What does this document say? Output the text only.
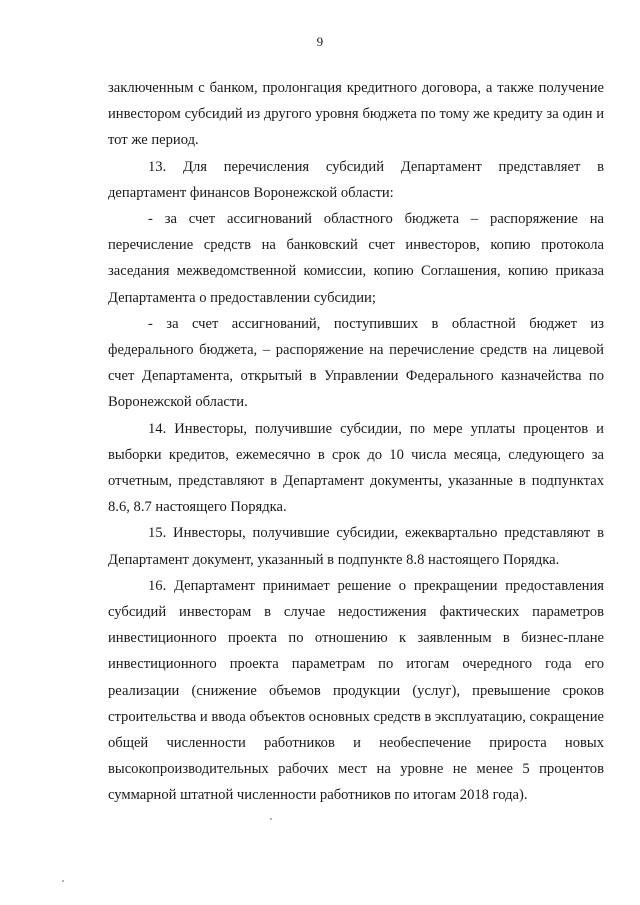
9

заключенным с банком, пролонгация кредитного договора, а также получение инвестором субсидий из другого уровня бюджета по тому же кредиту за один и тот же период.

13. Для перечисления субсидий Департамент представляет в департамент финансов Воронежской области:

- за счет ассигнований областного бюджета – распоряжение на перечисление средств на банковский счет инвесторов, копию протокола заседания межведомственной комиссии, копию Соглашения, копию приказа Департамента о предоставлении субсидии;

- за счет ассигнований, поступивших в областной бюджет из федерального бюджета, – распоряжение на перечисление средств на лицевой счет Департамента, открытый в Управлении Федерального казначейства по Воронежской области.

14. Инвесторы, получившие субсидии, по мере уплаты процентов и выборки кредитов, ежемесячно в срок до 10 числа месяца, следующего за отчетным, представляют в Департамент документы, указанные в подпунктах 8.6, 8.7 настоящего Порядка.

15. Инвесторы, получившие субсидии, ежеквартально представляют в Департамент документ, указанный в подпункте 8.8 настоящего Порядка.

16. Департамент принимает решение о прекращении предоставления субсидий инвесторам в случае недостижения фактических параметров инвестиционного проекта по отношению к заявленным в бизнес-плане инвестиционного проекта параметрам по итогам очередного года его реализации (снижение объемов продукции (услуг), превышение сроков строительства и ввода объектов основных средств в эксплуатацию, сокращение общей численности работников и необеспечение прироста новых высокопроизводительных рабочих мест на уровне не менее 5 процентов суммарной штатной численности работников по итогам 2018 года).
